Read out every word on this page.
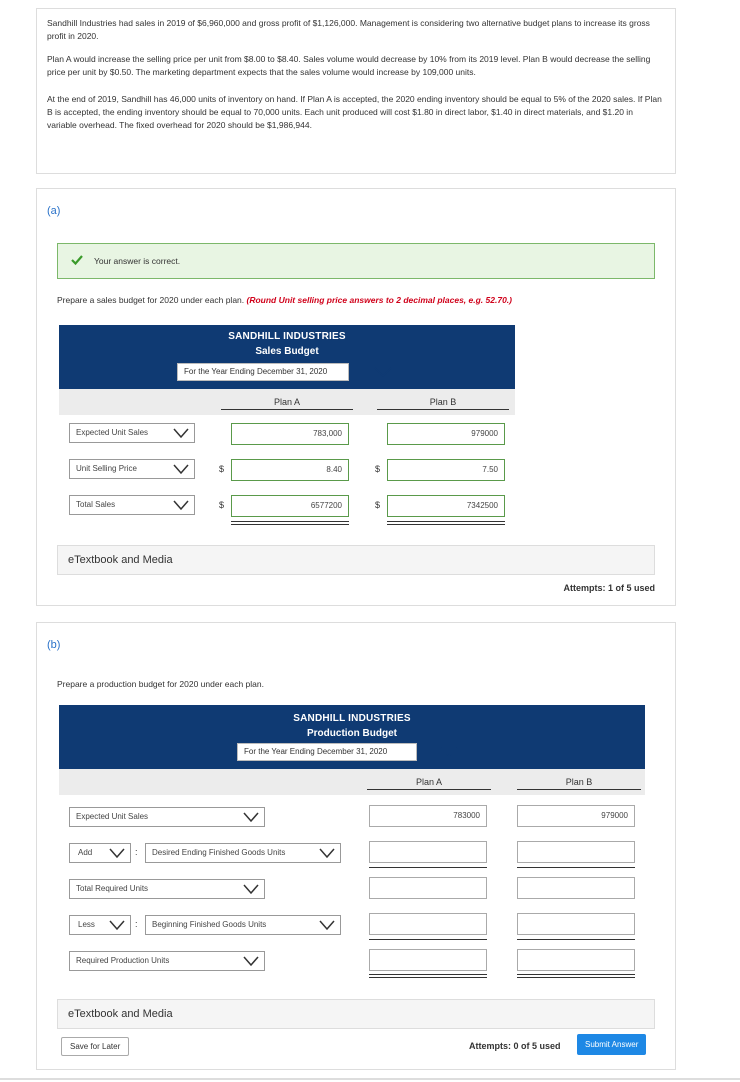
Sandhill Industries had sales in 2019 of $6,960,000 and gross profit of $1,126,000. Management is considering two alternative budget plans to increase its gross profit in 2020.

Plan A would increase the selling price per unit from $8.00 to $8.40. Sales volume would decrease by 10% from its 2019 level. Plan B would decrease the selling price per unit by $0.50. The marketing department expects that the sales volume would increase by 109,000 units.

At the end of 2019, Sandhill has 46,000 units of inventory on hand. If Plan A is accepted, the 2020 ending inventory should be equal to 5% of the 2020 sales. If Plan B is accepted, the ending inventory should be equal to 70,000 units. Each unit produced will cost $1.80 in direct labor, $1.40 in direct materials, and $1.20 in variable overhead. The fixed overhead for 2020 should be $1,986,944.

(a)
Your answer is correct.
Prepare a sales budget for 2020 under each plan. (Round Unit selling price answers to 2 decimal places, e.g. 52.70.)
SANDHILL INDUSTRIES
Sales Budget
For the Year Ending December 31, 2020
Plan A	Plan B
Expected Unit Sales	783,000	979000
Unit Selling Price	$	8.40	$	7.50
Total Sales	$	6577200	$	7342500
eTextbook and Media
Attempts: 1 of 5 used
(b)
Prepare a production budget for 2020 under each plan.
SANDHILL INDUSTRIES
Production Budget
For the Year Ending December 31, 2020
Plan A	Plan B
Expected Unit Sales	783000	979000
Add	:	Desired Ending Finished Goods Units
Total Required Units
Less	:	Beginning Finished Goods Units
Required Production Units
eTextbook and Media
Save for Later	Attempts: 0 of 5 used	Submit Answer
